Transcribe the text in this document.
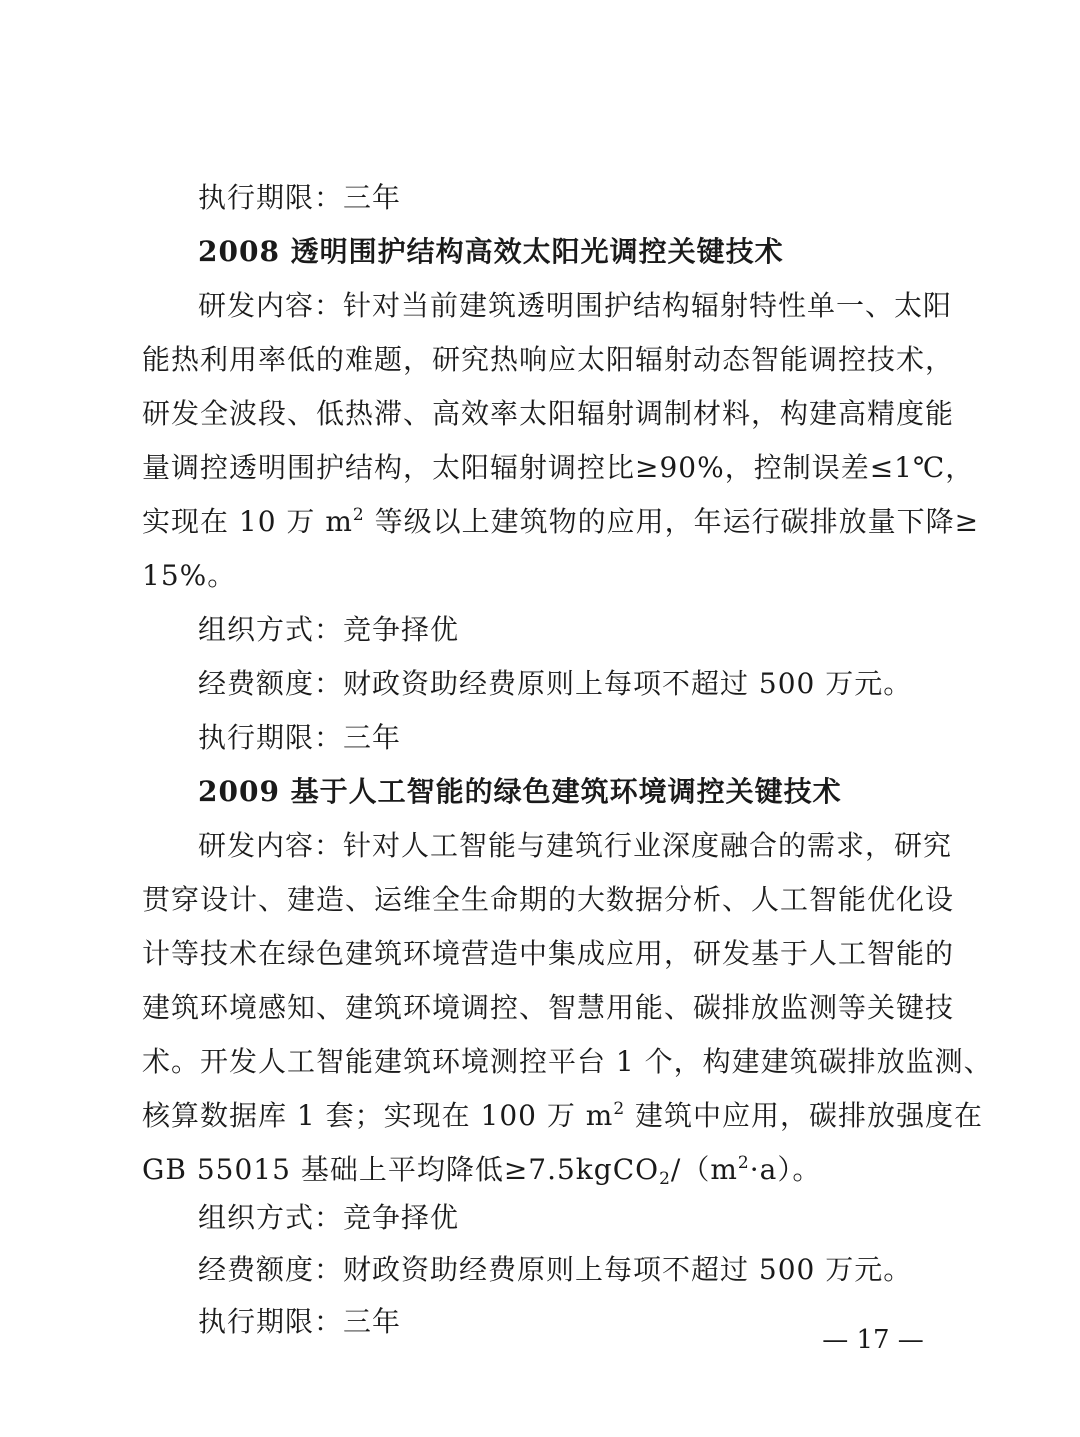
执行期限：三年
2008 透明围护结构高效太阳光调控关键技术
研发内容：针对当前建筑透明围护结构辐射特性单一、太阳
能热利用率低的难题，研究热响应太阳辐射动态智能调控技术，
研发全波段、低热滞、高效率太阳辐射调制材料，构建高精度能
量调控透明围护结构，太阳辐射调控比≥90%，控制误差≤1℃，
实现在 10 万 $m^2$ 等级以上建筑物的应用，年运行碳排放量下降≥
15%。
组织方式：竞争择优
经费额度：财政资助经费原则上每项不超过 500 万元。
执行期限：三年
2009 基于人工智能的绿色建筑环境调控关键技术
研发内容：针对人工智能与建筑行业深度融合的需求，研究
贯穿设计、建造、运维全生命期的大数据分析、人工智能优化设
计等技术在绿色建筑环境营造中集成应用，研发基于人工智能的
建筑环境感知、建筑环境调控、智慧用能、碳排放监测等关键技
术。开发人工智能建筑环境测控平台 1 个，构建建筑碳排放监测、
核算数据库 1 套；实现在 100 万 $m^2$ 建筑中应用，碳排放强度在
GB 55015 基础上平均降低$\ge 7.5kgCO_2/(m^2\cdot a)$。
组织方式：竞争择优
经费额度：财政资助经费原则上每项不超过 500 万元。
执行期限：三年
— 17 —
